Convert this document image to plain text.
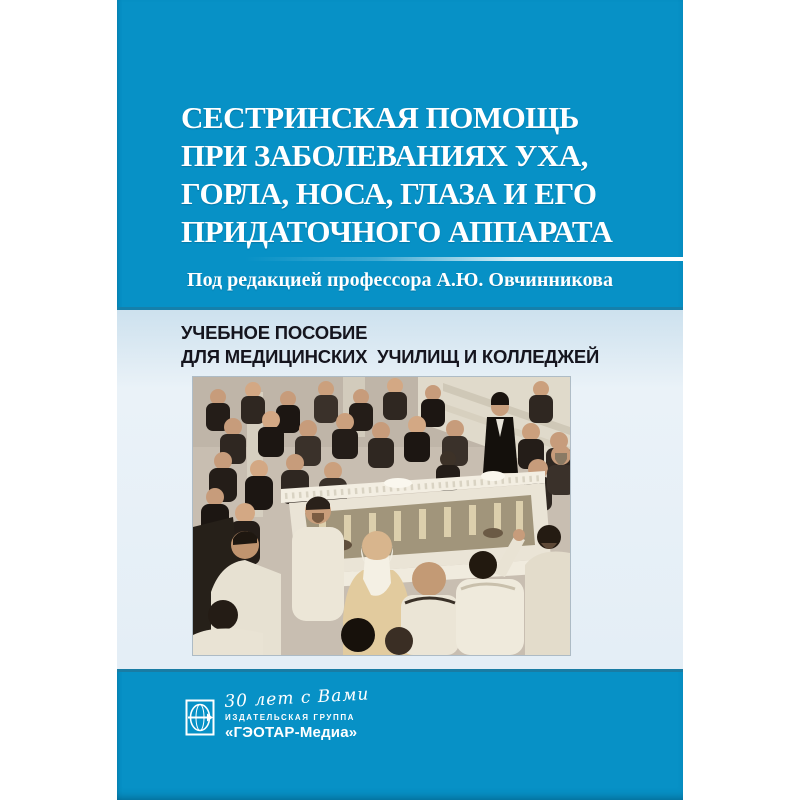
СЕСТРИНСКАЯ ПОМОЩЬ
ПРИ ЗАБОЛЕВАНИЯХ УХА,
ГОРЛА, НОСА, ГЛАЗА И ЕГО
ПРИДАТОЧНОГО АППАРАТА
Под редакцией профессора А.Ю. Овчинникова
УЧЕБНОЕ ПОСОБИЕ
ДЛЯ МЕДИЦИНСКИХ  УЧИЛИЩ И КОЛЛЕДЖЕЙ
30 лет с Вами
ИЗДАТЕЛЬСКАЯ ГРУППА
«ГЭОТАР-Медиа»
